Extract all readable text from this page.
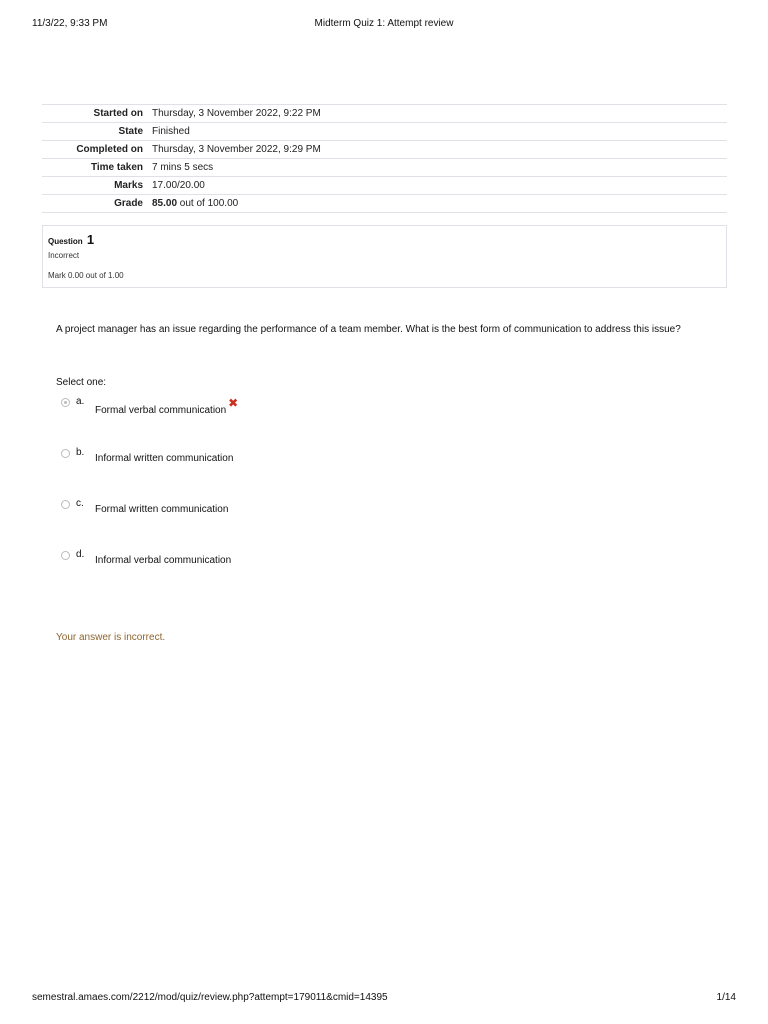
11/3/22, 9:33 PM	Midterm Quiz 1: Attempt review
Started on	Thursday, 3 November 2022, 9:22 PM
State	Finished
Completed on	Thursday, 3 November 2022, 9:29 PM
Time taken	7 mins 5 secs
Marks	17.00/20.00
Grade	85.00 out of 100.00
Question 1
Incorrect
Mark 0.00 out of 1.00
A project manager has an issue regarding the performance of a team member. What is the best form of communication to address this issue?
Select one:
a.
Formal verbal communication✖
b.
Informal written communication
c.
Formal written communication
d.
Informal verbal communication
Your answer is incorrect.
semestral.amaes.com/2212/mod/quiz/review.php?attempt=179011&cmid=14395	1/14
